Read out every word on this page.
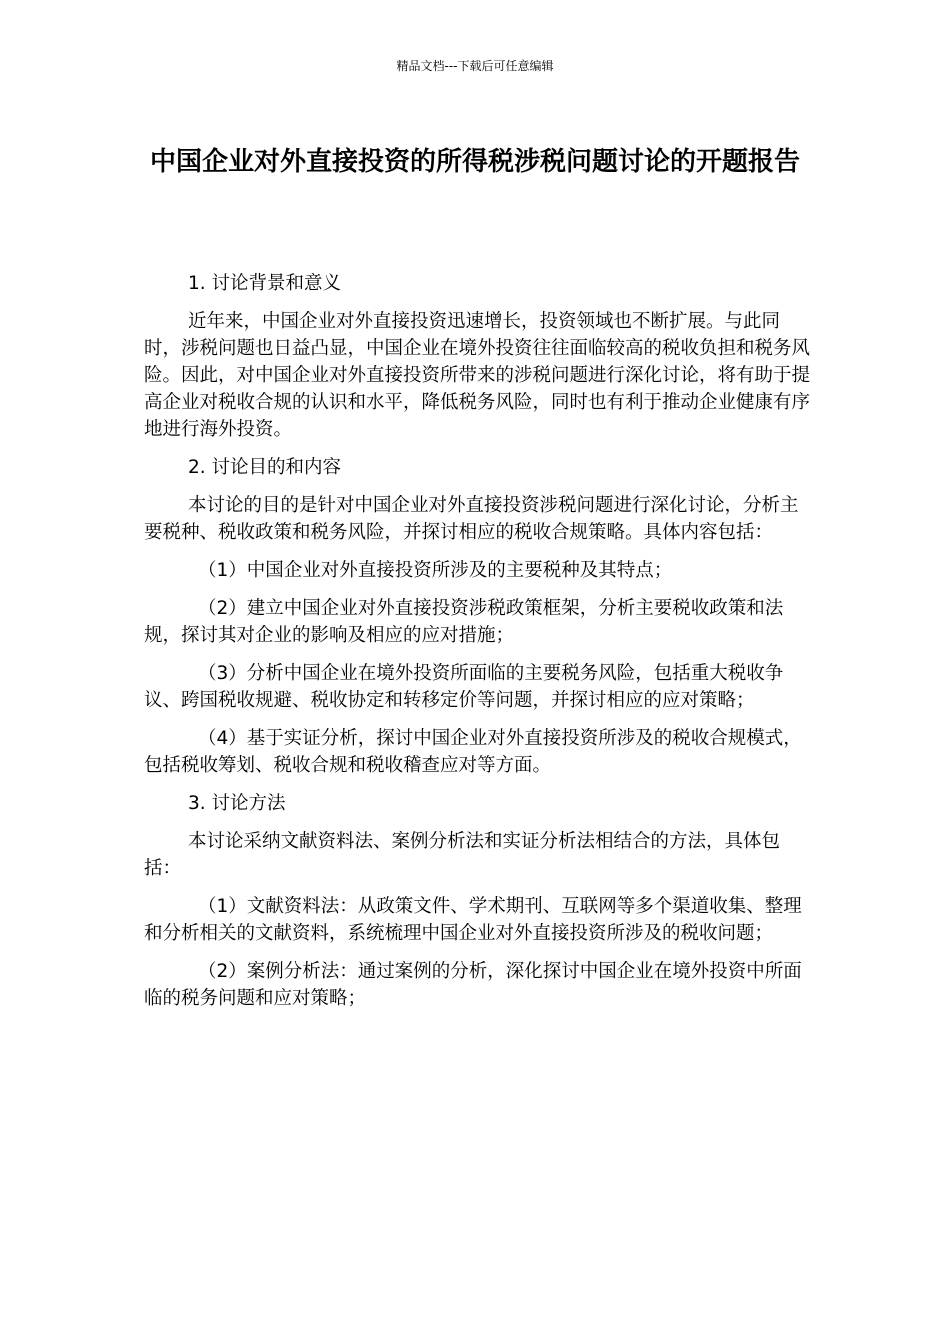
精品文档---下载后可任意编辑
中国企业对外直接投资的所得税涉税问题讨论的开题报告

1. 讨论背景和意义

近年来，中国企业对外直接投资迅速增长，投资领域也不断扩展。与此同时，涉税问题也日益凸显，中国企业在境外投资往往面临较高的税收负担和税务风险。因此，对中国企业对外直接投资所带来的涉税问题进行深化讨论，将有助于提高企业对税收合规的认识和水平，降低税务风险，同时也有利于推动企业健康有序地进行海外投资。

2. 讨论目的和内容

本讨论的目的是针对中国企业对外直接投资涉税问题进行深化讨论，分析主要税种、税收政策和税务风险，并探讨相应的税收合规策略。具体内容包括：

（1）中国企业对外直接投资所涉及的主要税种及其特点；

（2）建立中国企业对外直接投资涉税政策框架，分析主要税收政策和法规，探讨其对企业的影响及相应的应对措施；

（3）分析中国企业在境外投资所面临的主要税务风险，包括重大税收争议、跨国税收规避、税收协定和转移定价等问题，并探讨相应的应对策略；

（4）基于实证分析，探讨中国企业对外直接投资所涉及的税收合规模式，包括税收筹划、税收合规和税收稽查应对等方面。

3. 讨论方法

本讨论采纳文献资料法、案例分析法和实证分析法相结合的方法，具体包括：

（1）文献资料法：从政策文件、学术期刊、互联网等多个渠道收集、整理和分析相关的文献资料，系统梳理中国企业对外直接投资所涉及的税收问题；

（2）案例分析法：通过案例的分析，深化探讨中国企业在境外投资中所面临的税务问题和应对策略；
